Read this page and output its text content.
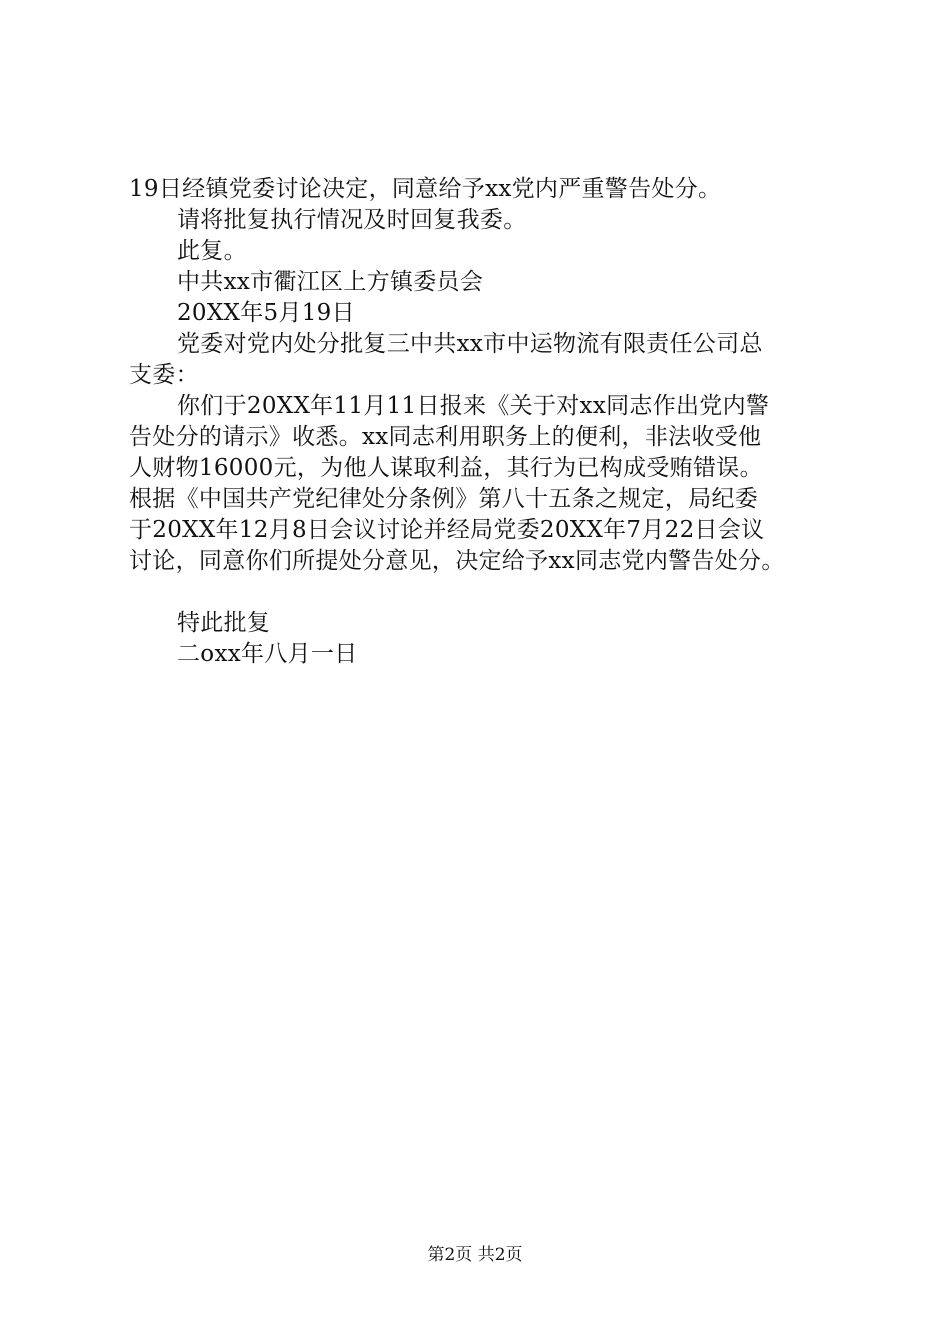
19日经镇党委讨论决定，同意给予xx党内严重警告处分。
请将批复执行情况及时回复我委。
此复。
中共xx市衢江区上方镇委员会
20XX年5月19日
党委对党内处分批复三中共xx市中运物流有限责任公司总
支委：
你们于20XX年11月11日报来《关于对xx同志作出党内警
告处分的请示》收悉。xx同志利用职务上的便利，非法收受他
人财物16000元，为他人谋取利益，其行为已构成受贿错误。
根据《中国共产党纪律处分条例》第八十五条之规定，局纪委
于20XX年12月8日会议讨论并经局党委20XX年7月22日会议
讨论，同意你们所提处分意见，决定给予xx同志党内警告处分。
特此批复
二oxx年八月一日
第2页 共2页
